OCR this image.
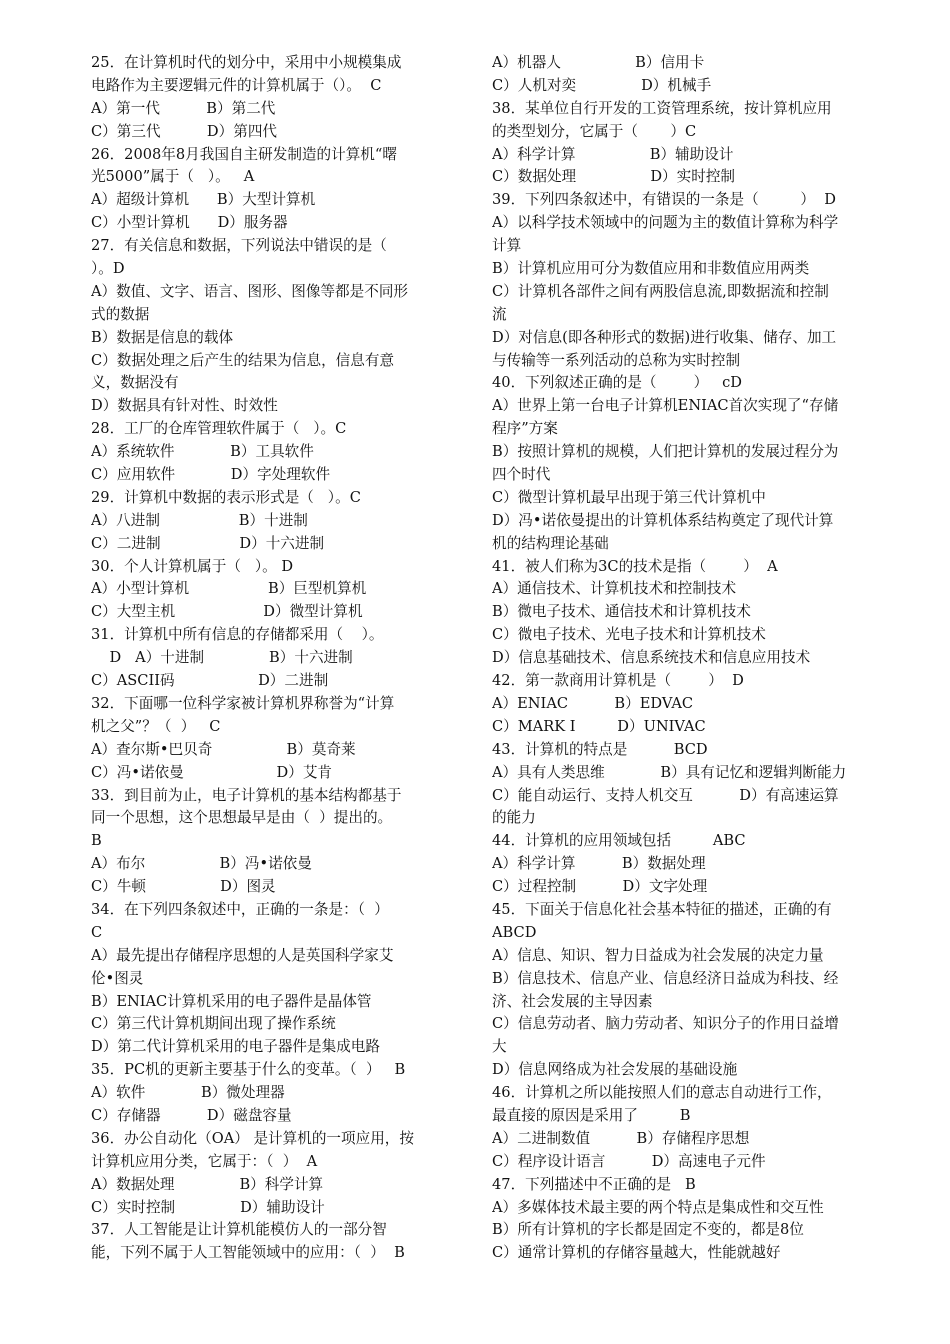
25．在计算机时代的划分中，采用中小规模集成
电路作为主要逻辑元件的计算机属于（）。  C
A）第一代          B）第二代
C）第三代          D）第四代
26．2008年8月我国自主研发制造的计算机“曙
光5000”属于（   ）。   A
A）超级计算机      B）大型计算机
C）小型计算机      D）服务器
27．有关信息和数据，下列说法中错误的是（
）。D
A）数值、文字、语言、图形、图像等都是不同形
式的数据
B）数据是信息的载体
C）数据处理之后产生的结果为信息，信息有意
义，数据没有
D）数据具有针对性、时效性
28．工厂的仓库管理软件属于（   ）。C
A）系统软件            B）工具软件
C）应用软件            D）字处理软件
29．计算机中数据的表示形式是（   ）。C
A）八进制                 B）十进制
C）二进制                 D）十六进制
30．个人计算机属于（   ）。 D
A）小型计算机                 B）巨型机算机
C）大型主机                   D）微型计算机
31．计算机中所有信息的存储都采用（    ）。
D   A）十进制              B）十六进制
C）ASCII码                  D）二进制
32．下面哪一位科学家被计算机界称誉为“计算
机之父”？（  ）   C
A）查尔斯•巴贝奇                B）莫奇莱
C）冯•诺依曼                    D）艾肯
33．到目前为止，电子计算机的基本结构都基于
同一个思想，这个思想最早是由（  ）提出的。
B
A）布尔                B）冯•诺依曼
C）牛顿                D）图灵
34．在下列四条叙述中，正确的一条是：（  ）
C
A）最先提出存储程序思想的人是英国科学家艾
伦•图灵
B）ENIAC计算机采用的电子器件是晶体管
C）第三代计算机期间出现了操作系统
D）第二代计算机采用的电子器件是集成电路
35．PC机的更新主要基于什么的变革。（  ）   B
A）软件            B）微处理器
C）存储器          D）磁盘容量
36．办公自动化（OA） 是计算机的一项应用，按
计算机应用分类，它属于：（  ）  A
A）数据处理              B）科学计算
C）实时控制              D）辅助设计
37．人工智能是让计算机能模仿人的一部分智
能，下列不属于人工智能领域中的应用：（  ）  B
A）机器人                B）信用卡
C）人机对奕              D）机械手
38．某单位自行开发的工资管理系统，按计算机应用
的类型划分，它属于（       ）C
A）科学计算                B）辅助设计
C）数据处理                D）实时控制
39．下列四条叙述中，有错误的一条是（         ）  D
A）以科学技术领域中的问题为主的数值计算称为科学
计算
B）计算机应用可分为数值应用和非数值应用两类
C）计算机各部件之间有两股信息流,即数据流和控制
流
D）对信息(即各种形式的数据)进行收集、储存、加工
与传输等一系列活动的总称为实时控制
40．下列叙述正确的是（        ）   cD
A）世界上第一台电子计算机ENIAC首次实现了“存储
程序”方案
B）按照计算机的规模，人们把计算机的发展过程分为
四个时代
C）微型计算机最早出现于第三代计算机中
D）冯•诺依曼提出的计算机体系结构奠定了现代计算
机的结构理论基础
41．被人们称为3C的技术是指（        ）  A
A）通信技术、计算机技术和控制技术
B）微电子技术、通信技术和计算机技术
C）微电子技术、光电子技术和计算机技术
D）信息基础技术、信息系统技术和信息应用技术
42．第一款商用计算机是（        ）  D
A）ENIAC          B）EDVAC
C）MARK I         D）UNIVAC
43．计算机的特点是          BCD
A）具有人类思维            B）具有记忆和逻辑判断能力
C）能自动运行、支持人机交互          D）有高速运算
的能力
44．计算机的应用领域包括         ABC
A）科学计算          B）数据处理
C）过程控制          D）文字处理
45．下面关于信息化社会基本特征的描述，正确的有
ABCD
A）信息、知识、智力日益成为社会发展的决定力量
B）信息技术、信息产业、信息经济日益成为科技、经
济、社会发展的主导因素
C）信息劳动者、脑力劳动者、知识分子的作用日益增
大
D）信息网络成为社会发展的基础设施
46．计算机之所以能按照人们的意志自动进行工作，
最直接的原因是采用了         B
A）二进制数值          B）存储程序思想
C）程序设计语言          D）高速电子元件
47．下列描述中不正确的是   B
A）多媒体技术最主要的两个特点是集成性和交互性
B）所有计算机的字长都是固定不变的，都是8位
C）通常计算机的存储容量越大，性能就越好
